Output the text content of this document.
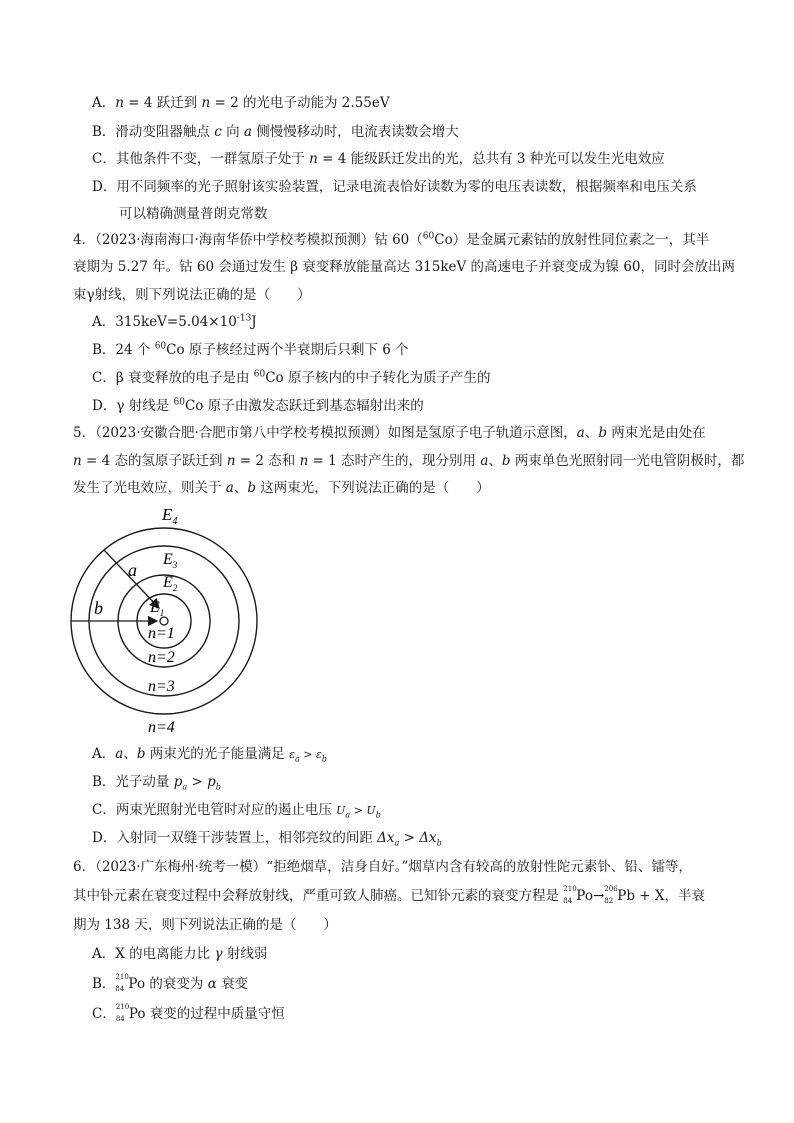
A．n = 4 跃迁到 n = 2 的光电子动能为 2.55eV
B．滑动变阻器触点 c 向 a 侧慢慢移动时，电流表读数会增大
C．其他条件不变，一群氢原子处于 n = 4 能级跃迁发出的光，总共有 3 种光可以发生光电效应
D．用不同频率的光子照射该实验装置，记录电流表恰好读数为零的电压表读数，根据频率和电压关系
可以精确测量普朗克常数
4．（2023·海南海口·海南华侨中学校考模拟预测）钴 60（$^{60}$Co）是金属元素钴的放射性同位素之一，其半
衰期为 5.27 年。钴 60 会通过发生 β 衰变释放能量高达 315keV 的高速电子并衰变成为镍 60，同时会放出两
束γ射线，则下列说法正确的是（　　）
A．$315keV=5.04\times 10^{-13}J$
B．24 个 $^{60}$Co 原子核经过两个半衰期后只剩下 6 个
C．β 衰变释放的电子是由 $^{60}$Co 原子核内的中子转化为质子产生的
D．γ 射线是 $^{60}$Co 原子由激发态跃迁到基态辐射出来的
5．（2023·安徽合肥·合肥市第八中学校考模拟预测）如图是氢原子电子轨道示意图，a、b 两束光是由处在
n = 4 态的氢原子跃迁到 n = 2 态和 n = 1 态时产生的，现分别用 a、b 两束单色光照射同一光电管阴极时，都
发生了光电效应，则关于 a、b 这两束光，下列说法正确的是（　　）
$E_4$
$E_3$
$E_2$
$E_1$
a
b
n=1
n=2
n=3
n=4
A．a、b 两束光的光子能量满足 $\varepsilon_a > \varepsilon_b$
B．光子动量 $p_a > p_b$
C．两束光照射光电管时对应的遏止电压 $U_a > U_b$
D．入射同一双缝干涉装置上，相邻亮纹的间距 $\Delta x_a > \Delta x_b$
6．（2023·广东梅州·统考一模）“拒绝烟草，洁身自好。”烟草内含有较高的放射性陀元素钋、铅、镭等，
其中钋元素在衰变过程中会释放射线，严重可致人肺癌。已知钋元素的衰变方程是 210
84 Po→ 206
82 Pb + X，半衰
期为 138 天，则下列说法正确的是（　　）
A．X 的电离能力比 γ 射线弱
B． 210
84 Po 的衰变为 α 衰变
C． 210
84 Po 衰变的过程中质量守恒
